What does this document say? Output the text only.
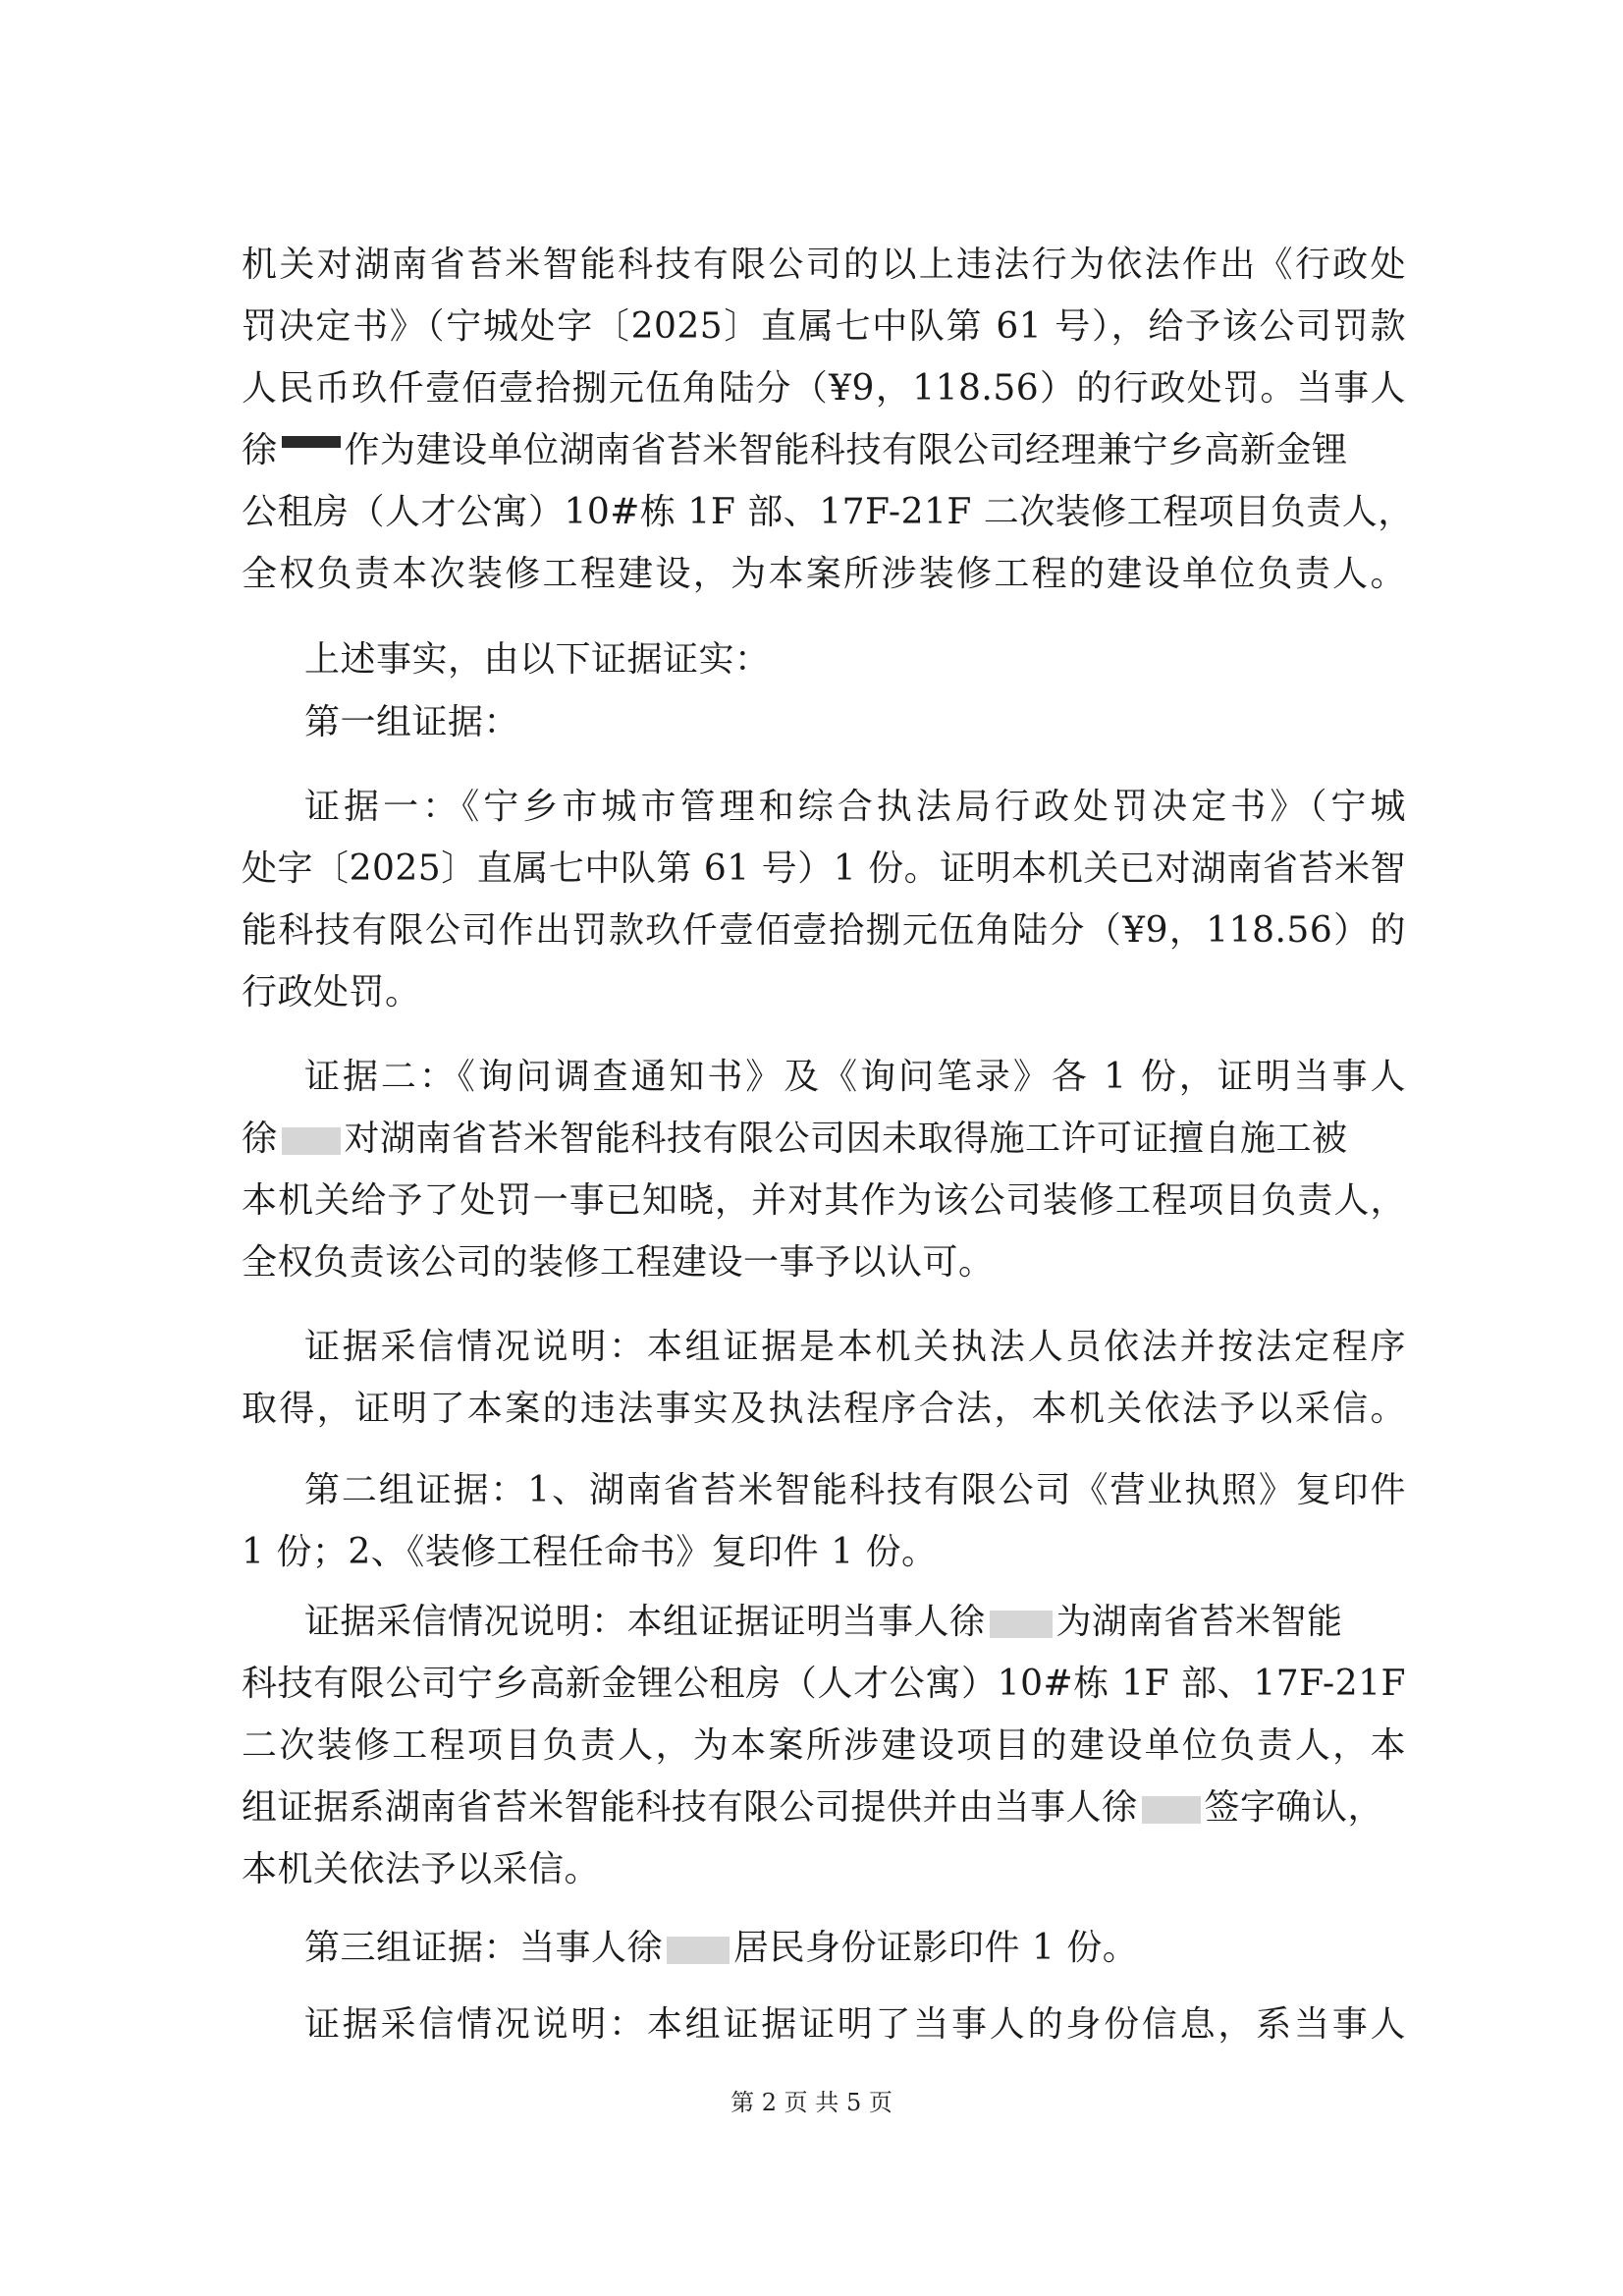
机关对湖南省苔米智能科技有限公司的以上违法行为依法作出《行政处
罚决定书》（宁城处字〔2025〕直属七中队第 61 号），给予该公司罚款
人民币玖仟壹佰壹拾捌元伍角陆分（¥9，118.56）的行政处罚。当事人
徐 作为建设单位湖南省苔米智能科技有限公司经理兼宁乡高新金锂
公租房（人才公寓）10#栋 1F 部、17F-21F 二次装修工程项目负责人，
全权负责本次装修工程建设，为本案所涉装修工程的建设单位负责人。
上述事实，由以下证据证实：
第一组证据：
证据一：《宁乡市城市管理和综合执法局行政处罚决定书》（宁城
处字〔2025〕直属七中队第 61 号）1 份。证明本机关已对湖南省苔米智
能科技有限公司作出罚款玖仟壹佰壹拾捌元伍角陆分（¥9，118.56）的
行政处罚。
证据二：《询问调查通知书》及《询问笔录》各 1 份，证明当事人
徐 对湖南省苔米智能科技有限公司因未取得施工许可证擅自施工被
本机关给予了处罚一事已知晓，并对其作为该公司装修工程项目负责人，
全权负责该公司的装修工程建设一事予以认可。
证据采信情况说明：本组证据是本机关执法人员依法并按法定程序
取得，证明了本案的违法事实及执法程序合法，本机关依法予以采信。
第二组证据：1、湖南省苔米智能科技有限公司《营业执照》复印件
1 份；2、《装修工程任命书》复印件 1 份。
证据采信情况说明：本组证据证明当事人徐 为湖南省苔米智能
科技有限公司宁乡高新金锂公租房（人才公寓）10#栋 1F 部、17F-21F
二次装修工程项目负责人，为本案所涉建设项目的建设单位负责人，本
组证据系湖南省苔米智能科技有限公司提供并由当事人徐 签字确认，
本机关依法予以采信。
第三组证据：当事人徐 居民身份证影印件 1 份。
证据采信情况说明：本组证据证明了当事人的身份信息，系当事人
第 2 页 共 5 页
